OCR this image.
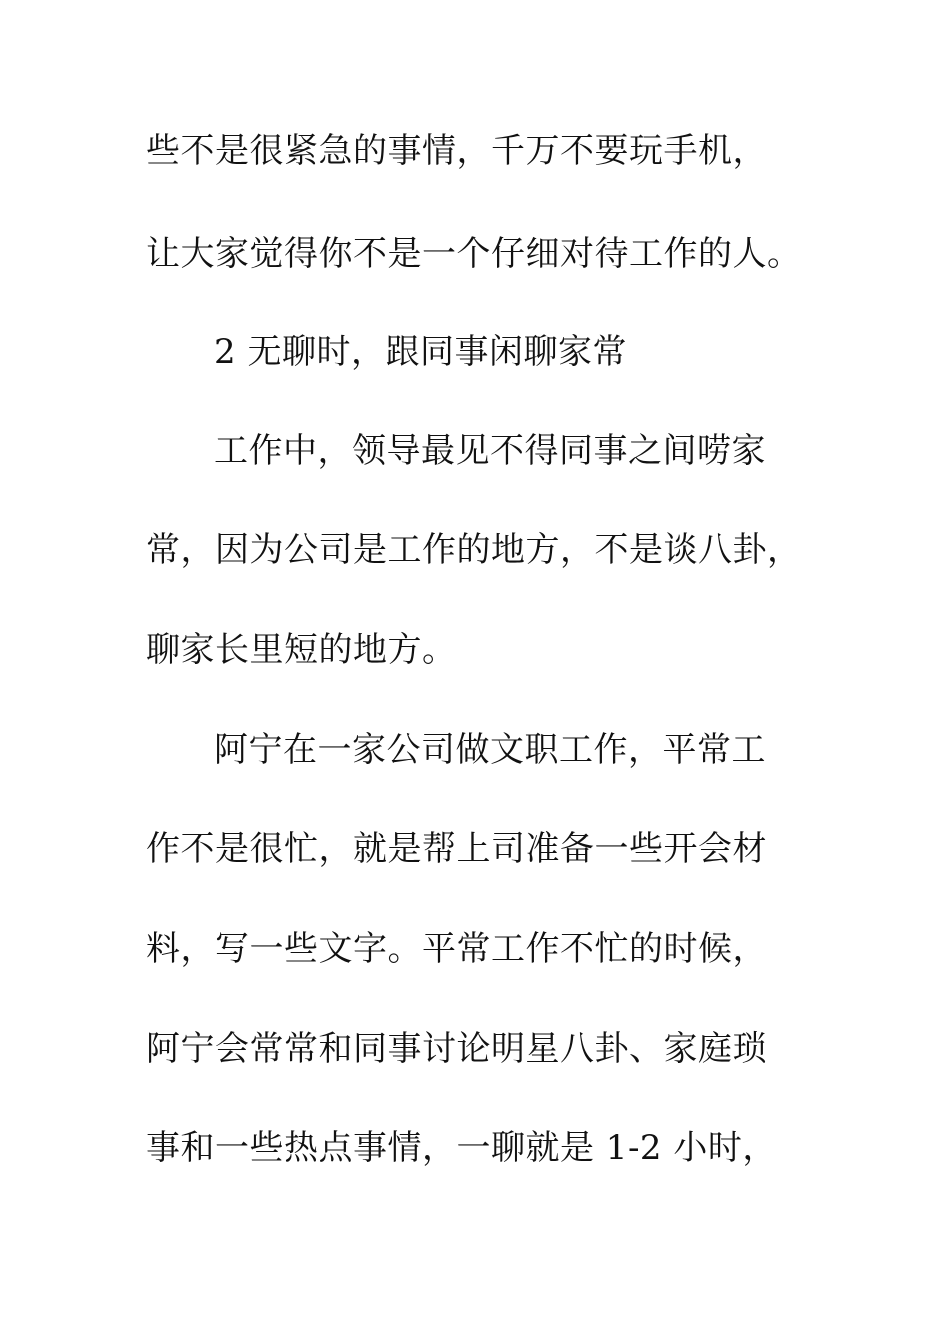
些不是很紧急的事情，千万不要玩手机，
让大家觉得你不是一个仔细对待工作的人。
2 无聊时，跟同事闲聊家常
工作中，领导最见不得同事之间唠家
常，因为公司是工作的地方，不是谈八卦，
聊家长里短的地方。
阿宁在一家公司做文职工作，平常工
作不是很忙，就是帮上司准备一些开会材
料，写一些文字。平常工作不忙的时候，
阿宁会常常和同事讨论明星八卦、家庭琐
事和一些热点事情，一聊就是 1-2 小时，
